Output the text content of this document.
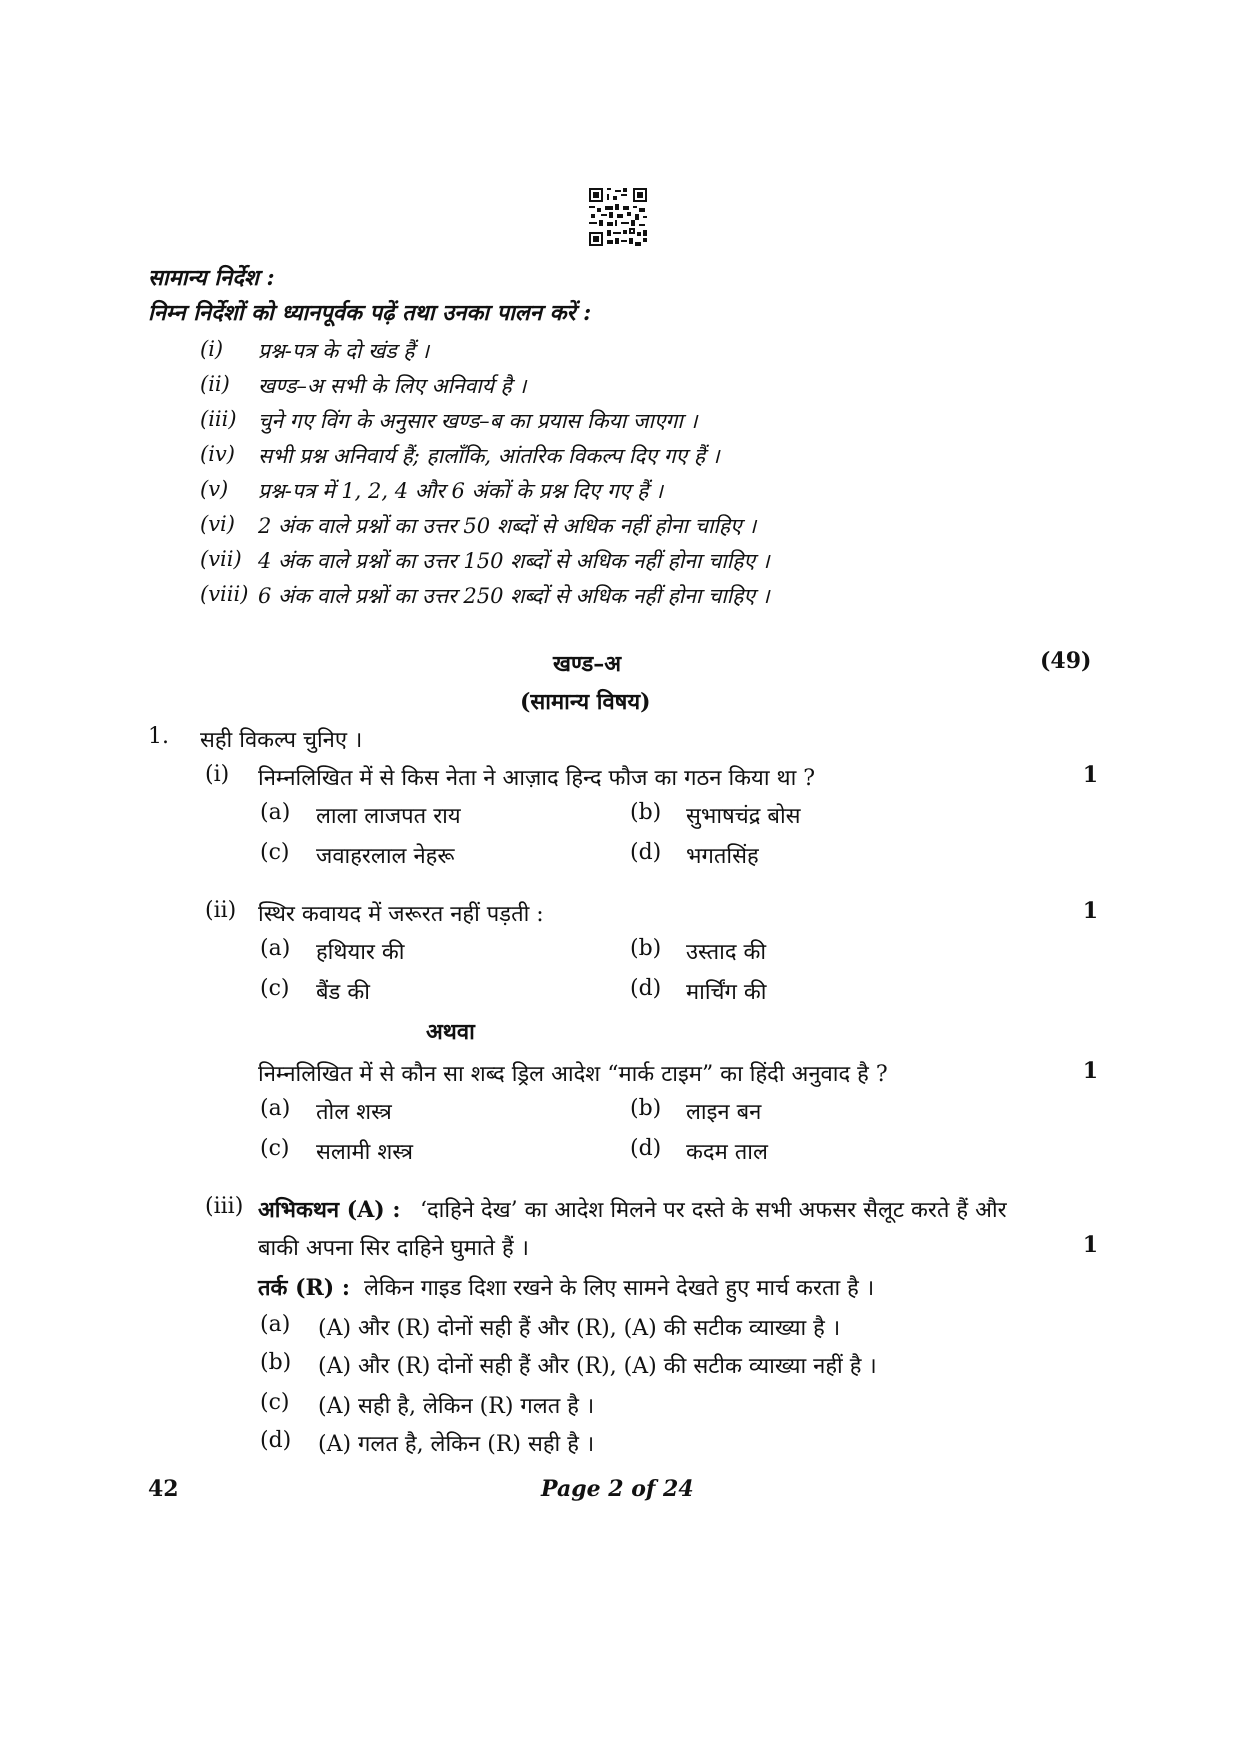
सामान्य निर्देश :
निम्न निर्देशों को ध्यानपूर्वक पढ़ें तथा उनका पालन करें :
(i) प्रश्न-पत्र के दो खंड हैं ।
(ii) खण्ड–अ सभी के लिए अनिवार्य है ।
(iii) चुने गए विंग के अनुसार खण्ड–ब का प्रयास किया जाएगा ।
(iv) सभी प्रश्न अनिवार्य हैं; हालाँकि, आंतरिक विकल्प दिए गए हैं ।
(v) प्रश्न-पत्र में 1, 2, 4 और 6 अंकों के प्रश्न दिए गए हैं ।
(vi) 2 अंक वाले प्रश्नों का उत्तर 50 शब्दों से अधिक नहीं होना चाहिए ।
(vii) 4 अंक वाले प्रश्नों का उत्तर 150 शब्दों से अधिक नहीं होना चाहिए ।
(viii) 6 अंक वाले प्रश्नों का उत्तर 250 शब्दों से अधिक नहीं होना चाहिए ।
खण्ड–अ	(49)
(सामान्य विषय)
1. सही विकल्प चुनिए ।
(i) निम्नलिखित में से किस नेता ने आज़ाद हिन्द फौज का गठन किया था ?	1
(a) लाला लाजपत राय	(b) सुभाषचंद्र बोस
(c) जवाहरलाल नेहरू	(d) भगतसिंह
(ii) स्थिर कवायद में जरूरत नहीं पड़ती :	1
(a) हथियार की	(b) उस्ताद की
(c) बैंड की	(d) मार्चिंग की
अथवा
निम्नलिखित में से कौन सा शब्द ड्रिल आदेश “मार्क टाइम” का हिंदी अनुवाद है ?	1
(a) तोल शस्त्र	(b) लाइन बन
(c) सलामी शस्त्र	(d) कदम ताल
(iii) अभिकथन (A) : ‘दाहिने देख’ का आदेश मिलने पर दस्ते के सभी अफसर सैलूट करते हैं और
बाकी अपना सिर दाहिने घुमाते हैं ।	1
तर्क (R) : लेकिन गाइड दिशा रखने के लिए सामने देखते हुए मार्च करता है ।
(a) (A) और (R) दोनों सही हैं और (R), (A) की सटीक व्याख्या है ।
(b) (A) और (R) दोनों सही हैं और (R), (A) की सटीक व्याख्या नहीं है ।
(c) (A) सही है, लेकिन (R) गलत है ।
(d) (A) गलत है, लेकिन (R) सही है ।
42	Page 2 of 24
